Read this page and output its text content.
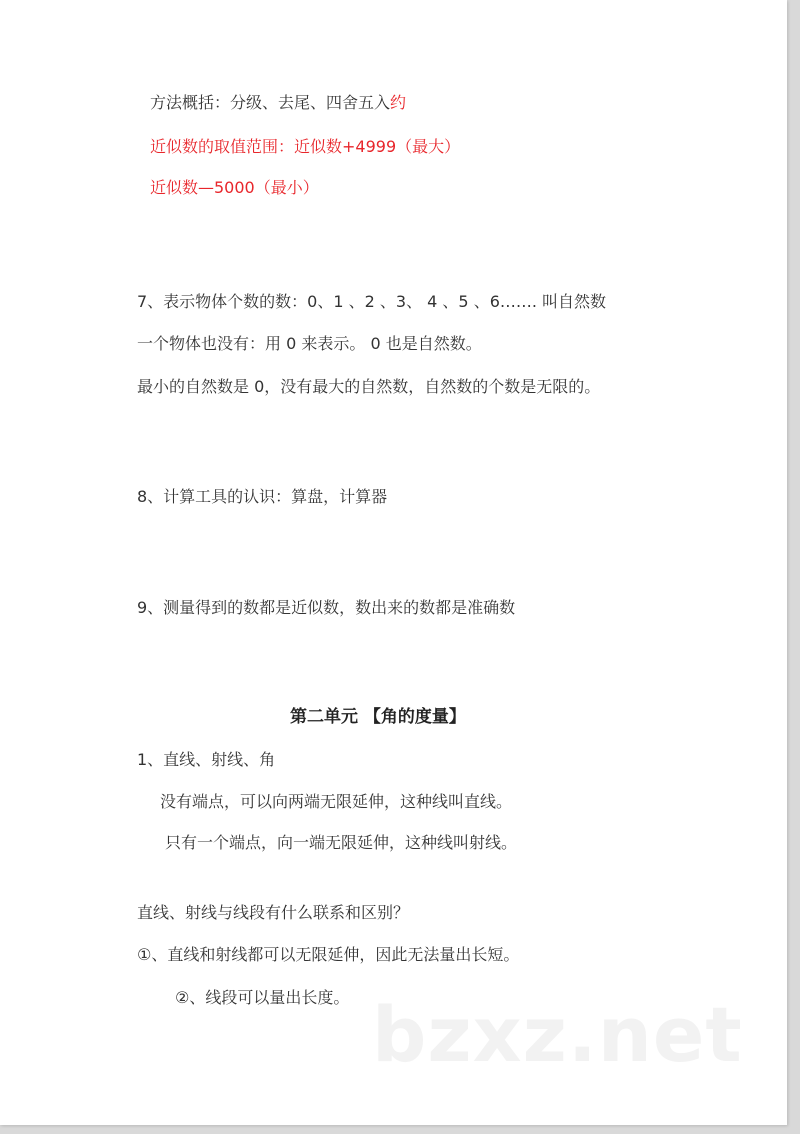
方法概括：分级、去尾、四舍五入约
近似数的取值范围：近似数+4999（最大）
近似数—5000（最小）
7、表示物体个数的数：0、1 、2 、3、 4 、5 、6……. 叫自然数
一个物体也没有：用 0 来表示。 0 也是自然数。
最小的自然数是 0，没有最大的自然数，自然数的个数是无限的。
8、计算工具的认识：算盘，计算器
9、测量得到的数都是近似数，数出来的数都是准确数
第二单元 【角的度量】
1、直线、射线、角
没有端点，可以向两端无限延伸，这种线叫直线。
只有一个端点，向一端无限延伸，这种线叫射线。
直线、射线与线段有什么联系和区别？
①、直线和射线都可以无限延伸，因此无法量出长短。
②、线段可以量出长度。 bzxz.net
